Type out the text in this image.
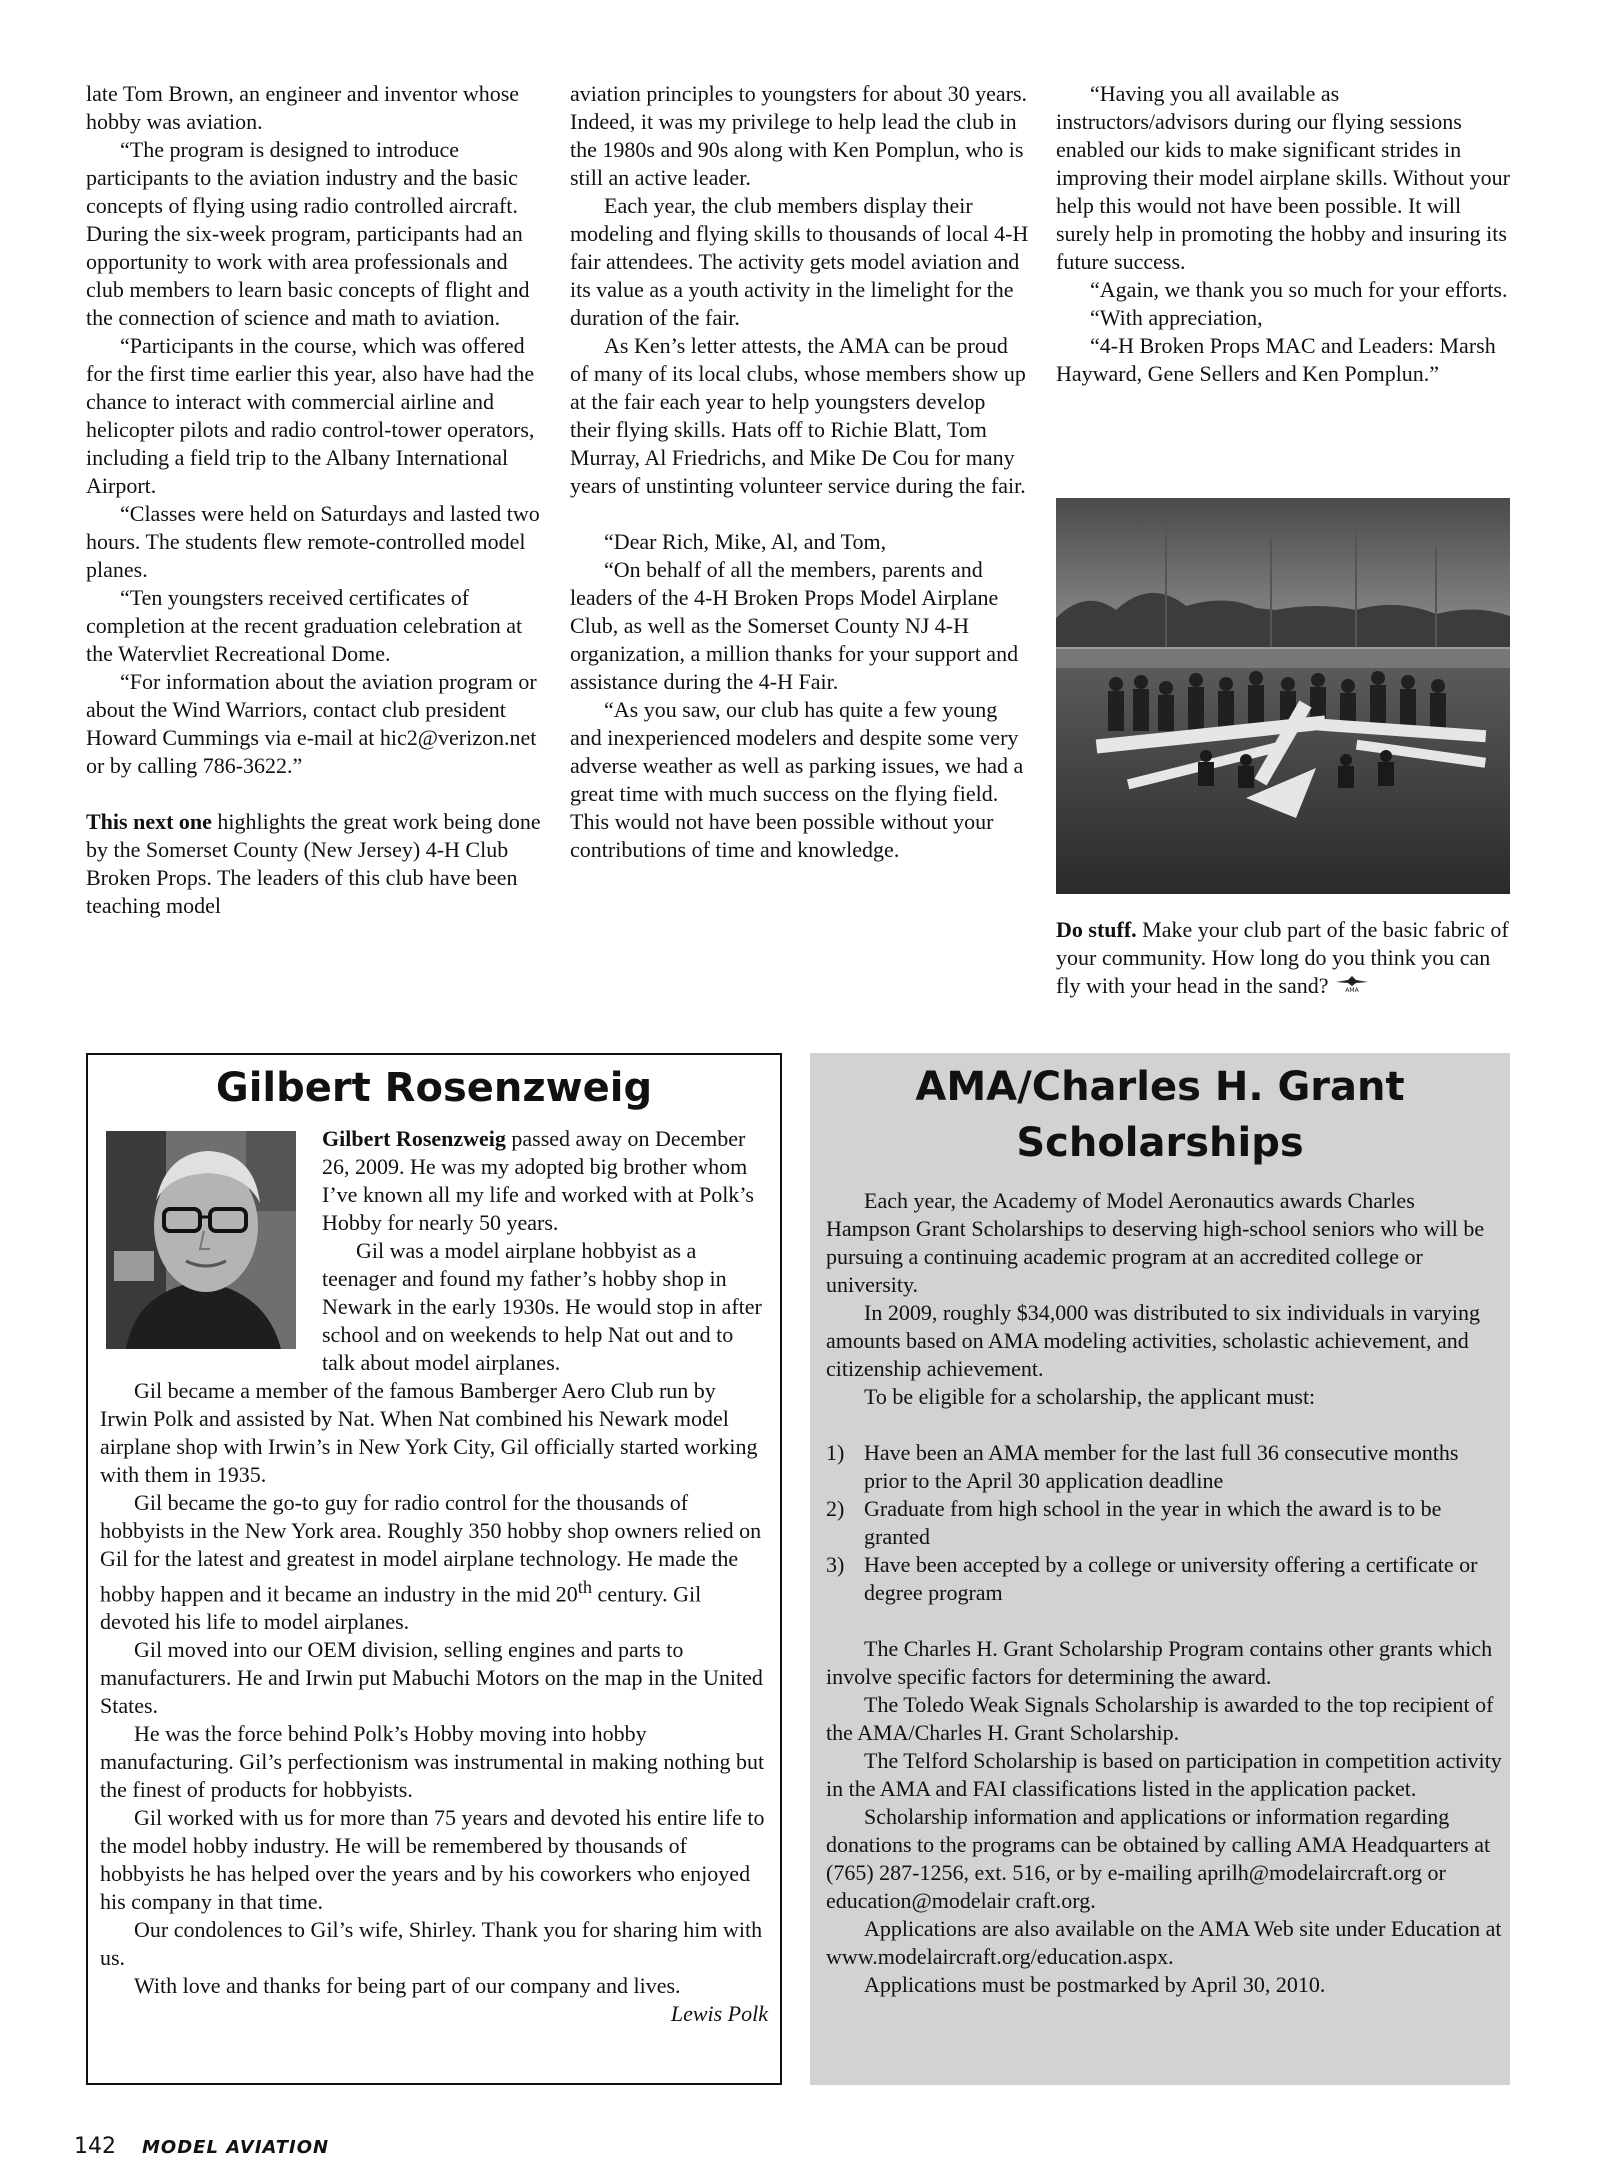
late Tom Brown, an engineer and inventor whose hobby was aviation.

“The program is designed to introduce participants to the aviation industry and the basic concepts of flying using radio controlled aircraft. During the six-week program, participants had an opportunity to work with area professionals and club members to learn basic concepts of flight and the connection of science and math to aviation.

“Participants in the course, which was offered for the first time earlier this year, also have had the chance to interact with commercial airline and helicopter pilots and radio control-tower operators, including a field trip to the Albany International Airport.

“Classes were held on Saturdays and lasted two hours. The students flew remote-controlled model planes.

“Ten youngsters received certificates of completion at the recent graduation celebration at the Watervliet Recreational Dome.

“For information about the aviation program or about the Wind Warriors, contact club president Howard Cummings via e-mail at hic2@verizon.net or by calling 786-3622.”

This next one highlights the great work being done by the Somerset County (New Jersey) 4-H Club Broken Props. The leaders of this club have been teaching model

aviation principles to youngsters for about 30 years. Indeed, it was my privilege to help lead the club in the 1980s and 90s along with Ken Pomplun, who is still an active leader.

Each year, the club members display their modeling and flying skills to thousands of local 4-H fair attendees. The activity gets model aviation and its value as a youth activity in the limelight for the duration of the fair.

As Ken’s letter attests, the AMA can be proud of many of its local clubs, whose members show up at the fair each year to help youngsters develop their flying skills. Hats off to Richie Blatt, Tom Murray, Al Friedrichs, and Mike De Cou for many years of unstinting volunteer service during the fair.

“Dear Rich, Mike, Al, and Tom,

“On behalf of all the members, parents and leaders of the 4-H Broken Props Model Airplane Club, as well as the Somerset County NJ 4-H organization, a million thanks for your support and assistance during the 4-H Fair.

“As you saw, our club has quite a few young and inexperienced modelers and despite some very adverse weather as well as parking issues, we had a great time with much success on the flying field. This would not have been possible without your contributions of time and knowledge.

“Having you all available as instructors/advisors during our flying sessions enabled our kids to make significant strides in improving their model airplane skills. Without your help this would not have been possible. It will surely help in promoting the hobby and insuring its future success.

“Again, we thank you so much for your efforts.

“With appreciation,

“4-H Broken Props MAC and Leaders: Marsh Hayward, Gene Sellers and Ken Pomplun.”

Do stuff. Make your club part of the basic fabric of your community. How long do you think you can fly with your head in the sand?	AMA
Gilbert Rosenzweig

Gilbert Rosenzweig passed away on December 26, 2009. He was my adopted big brother whom I’ve known all my life and worked with at Polk’s Hobby for nearly 50 years.

Gil was a model airplane hobbyist as a teenager and found my father’s hobby shop in Newark in the early 1930s. He would stop in after school and on weekends to help Nat out and to talk about model airplanes.

Gil became a member of the famous Bamberger Aero Club run by Irwin Polk and assisted by Nat. When Nat combined his Newark model airplane shop with Irwin’s in New York City, Gil officially started working with them in 1935.

Gil became the go-to guy for radio control for the thousands of hobbyists in the New York area. Roughly 350 hobby shop owners relied on Gil for the latest and greatest in model airplane technology. He made the hobby happen and it became an industry in the mid 20th century. Gil devoted his life to model airplanes.

Gil moved into our OEM division, selling engines and parts to manufacturers. He and Irwin put Mabuchi Motors on the map in the United States.

He was the force behind Polk’s Hobby moving into hobby manufacturing. Gil’s perfectionism was instrumental in making nothing but the finest of products for hobbyists.

Gil worked with us for more than 75 years and devoted his entire life to the model hobby industry. He will be remembered by thousands of hobbyists he has helped over the years and by his coworkers who enjoyed his company in that time.

Our condolences to Gil’s wife, Shirley. Thank you for sharing him with us.

With love and thanks for being part of our company and lives.

Lewis Polk

AMA/Charles H. Grant
Scholarships

Each year, the Academy of Model Aeronautics awards Charles Hampson Grant Scholarships to deserving high-school seniors who will be pursuing a continuing academic program at an accredited college or university.

In 2009, roughly $34,000 was distributed to six individuals in varying amounts based on AMA modeling activities, scholastic achievement, and citizenship achievement.

To be eligible for a scholarship, the applicant must:

1) Have been an AMA member for the last full 36 consecutive months prior to the April 30 application deadline
2) Graduate from high school in the year in which the award is to be granted
3) Have been accepted by a college or university offering a certificate or degree program

The Charles H. Grant Scholarship Program contains other grants which involve specific factors for determining the award.

The Toledo Weak Signals Scholarship is awarded to the top recipient of the AMA/Charles H. Grant Scholarship.

The Telford Scholarship is based on participation in competition activity in the AMA and FAI classifications listed in the application packet.

Scholarship information and applications or information regarding donations to the programs can be obtained by calling AMA Headquarters at (765) 287-1256, ext. 516, or by e-mailing aprilh@modelaircraft.org or education@modelair craft.org.

Applications are also available on the AMA Web site under Education at www.modelaircraft.org/education.aspx.

Applications must be postmarked by April 30, 2010.

142 MODEL AVIATION
